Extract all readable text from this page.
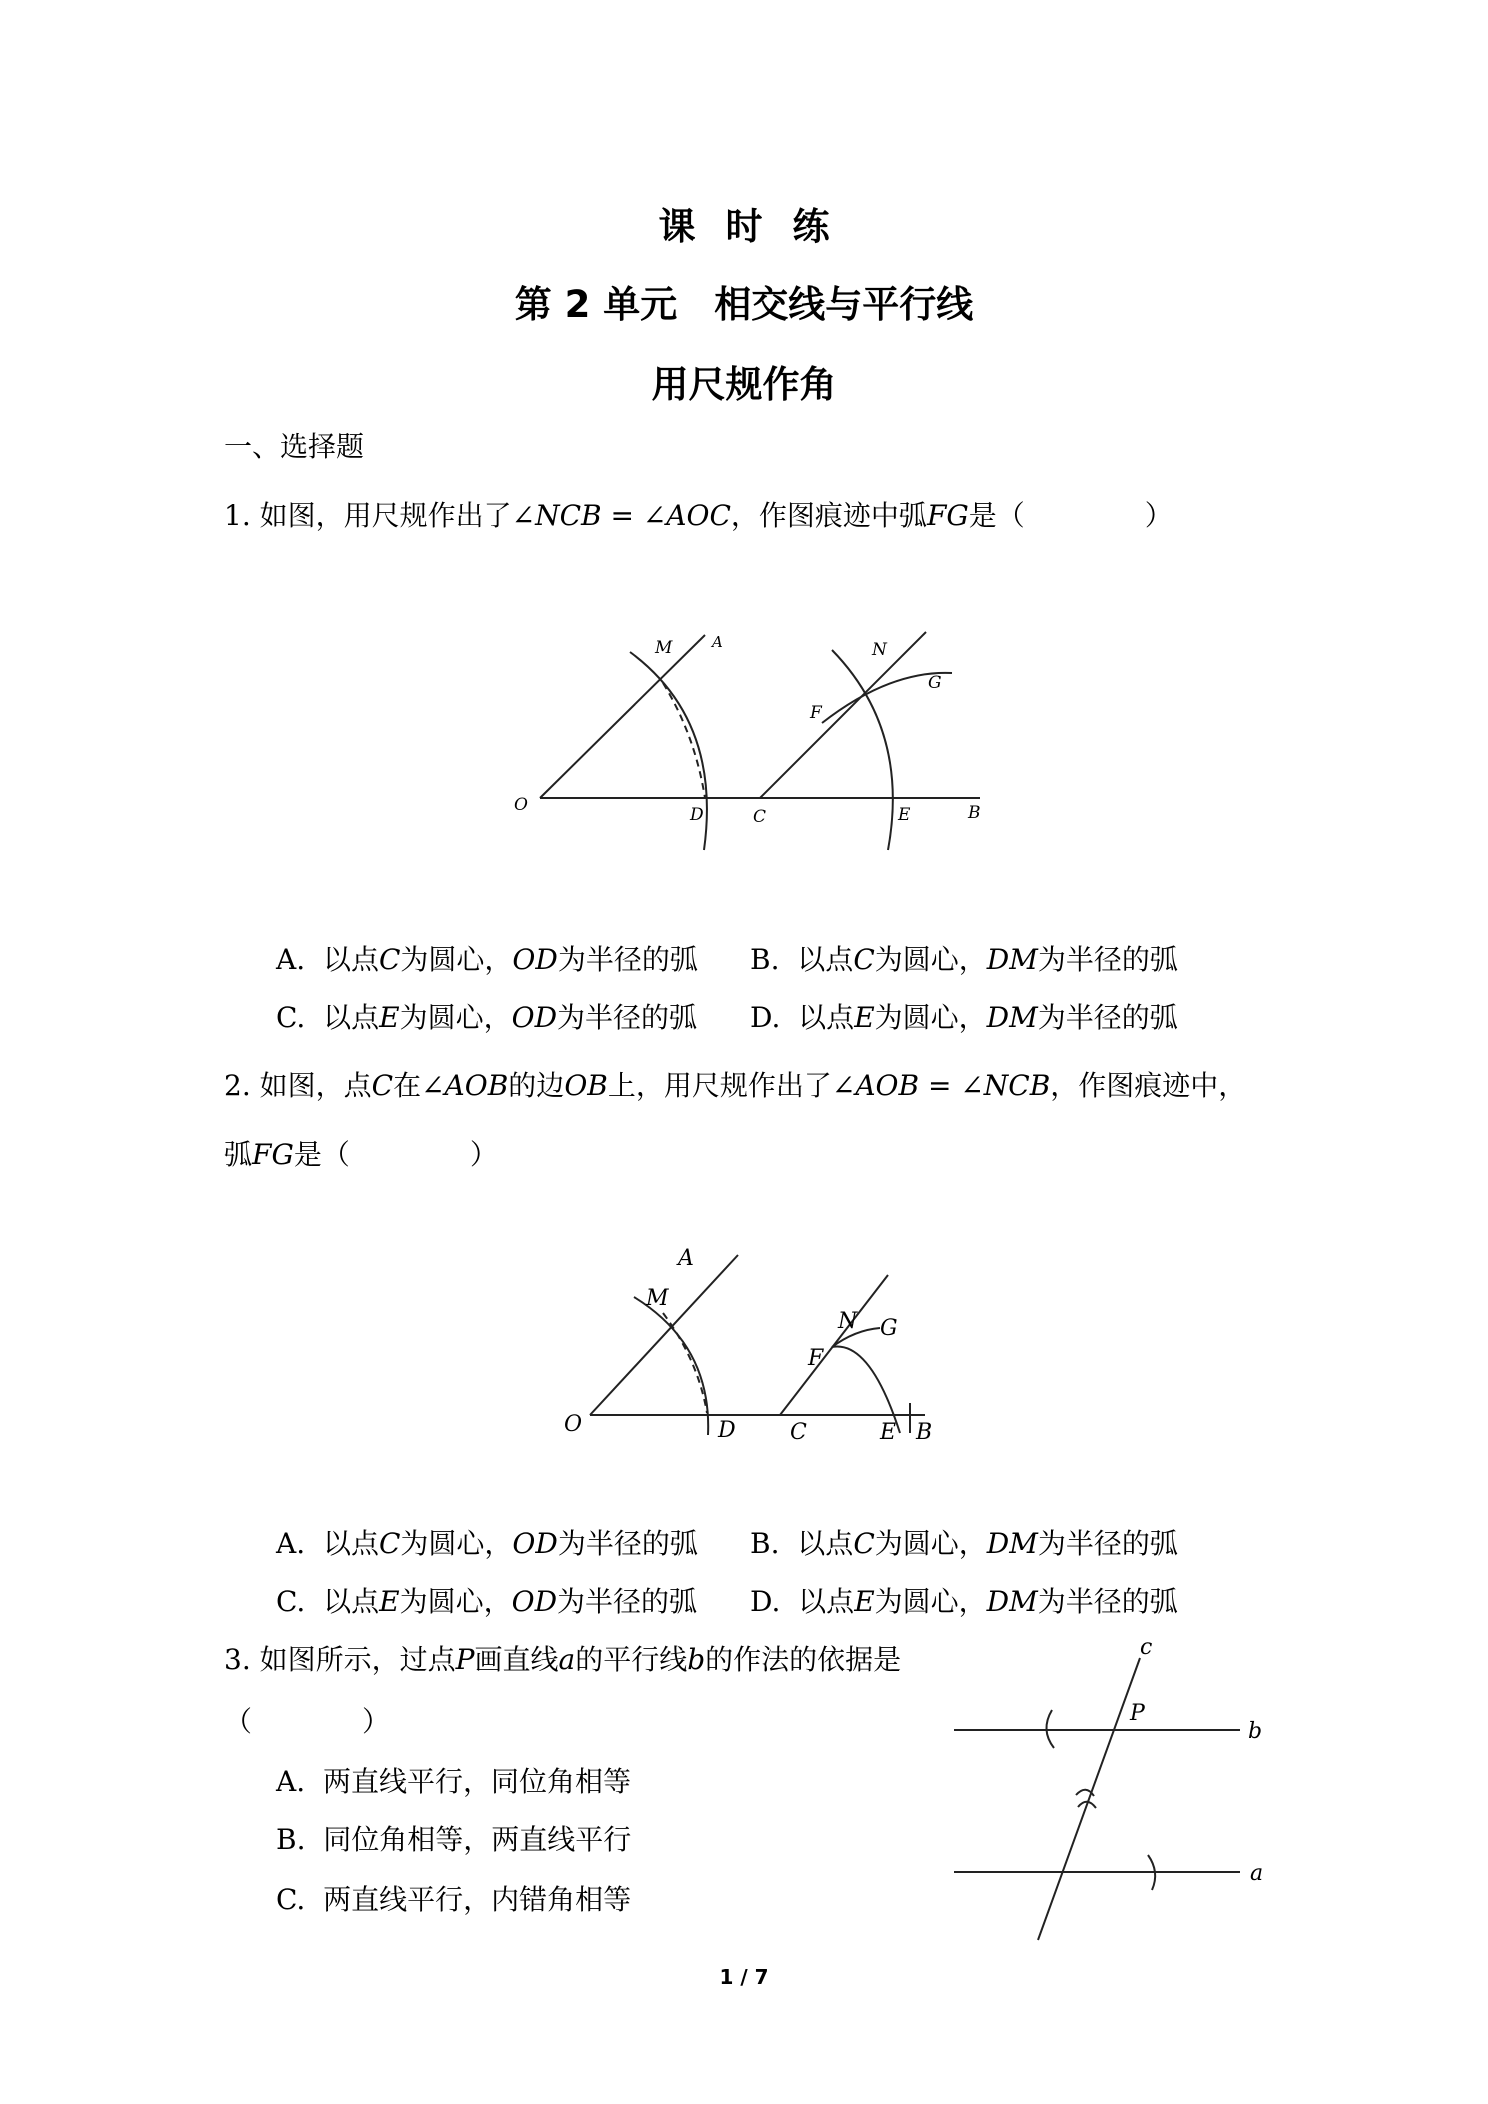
课时练
第 2 单元　相交线与平行线
用尺规作角
一、选择题
1. 如图，用尺规作出了∠NCB = ∠AOC，作图痕迹中弧FG是（	）
M	A	N
G
F
O	D	C	E	B
A. 以点C为圆心，OD为半径的弧 B. 以点C为圆心，DM为半径的弧
C. 以点E为圆心，OD为半径的弧 D. 以点E为圆心，DM为半径的弧
2. 如图，点C在∠AOB的边OB上，用尺规作出了∠AOB = ∠NCB，作图痕迹中，
弧FG是（	）
M
A
N G
F
O	D C	E B
A. 以点C为圆心，OD为半径的弧 B. 以点C为圆心，DM为半径的弧
C. 以点E为圆心，OD为半径的弧 D. 以点E为圆心，DM为半径的弧
3. 如图所示，过点P画直线a的平行线b的作法的依据是
（	）
A. 两直线平行，同位角相等
B. 同位角相等，两直线平行
C. 两直线平行，内错角相等
c
P
b
a
1 / 7
